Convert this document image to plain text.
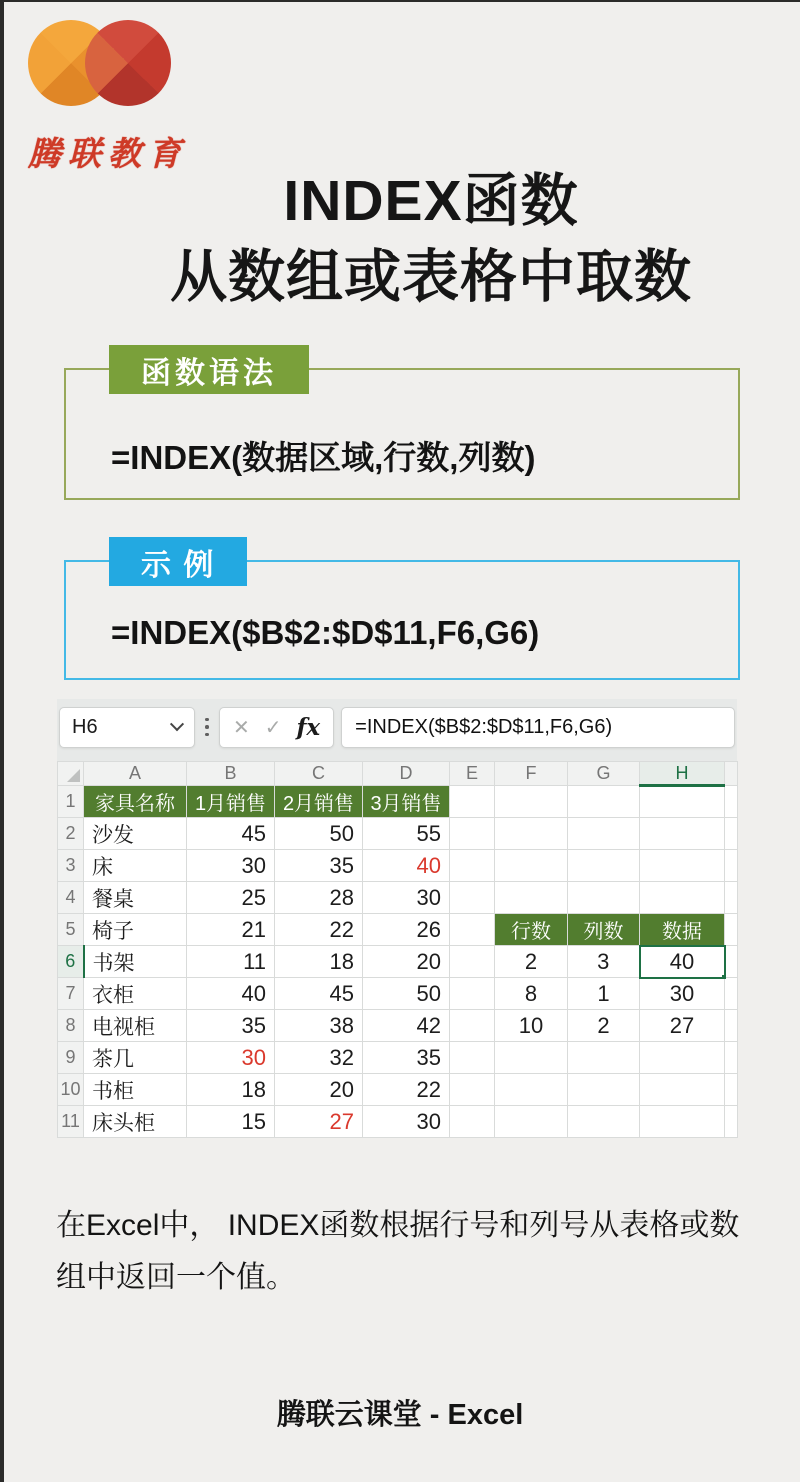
腾联教育
INDEX函数
从数组或表格中取数
函数语法
=INDEX(数据区域,行数,列数)
示 例
=INDEX($B$2:$D$11,F6,G6)
H6	✕ ✓ fx	=INDEX($B$2:$D$11,F6,G6)
	A	B	C	D	E	F	G	H	
1	家具名称	1月销售	2月销售	3月销售					
2	沙发	45	50	55					
3	床	30	35	40					
4	餐桌	25	28	30					
5	椅子	21	22	26		行数	列数	数据	
6	书架	11	18	20		2	3	40

7	衣柜	40	45	50		8	1	30	
8	电视柜	35	38	42		10	2	27	
9	茶几	30	32	35					
10	书柜	18	20	22					
11	床头柜	15	27	30					
在Excel中， INDEX函数根据行号和列号从表格或数组中返回一个值。
腾联云课堂 - Excel
